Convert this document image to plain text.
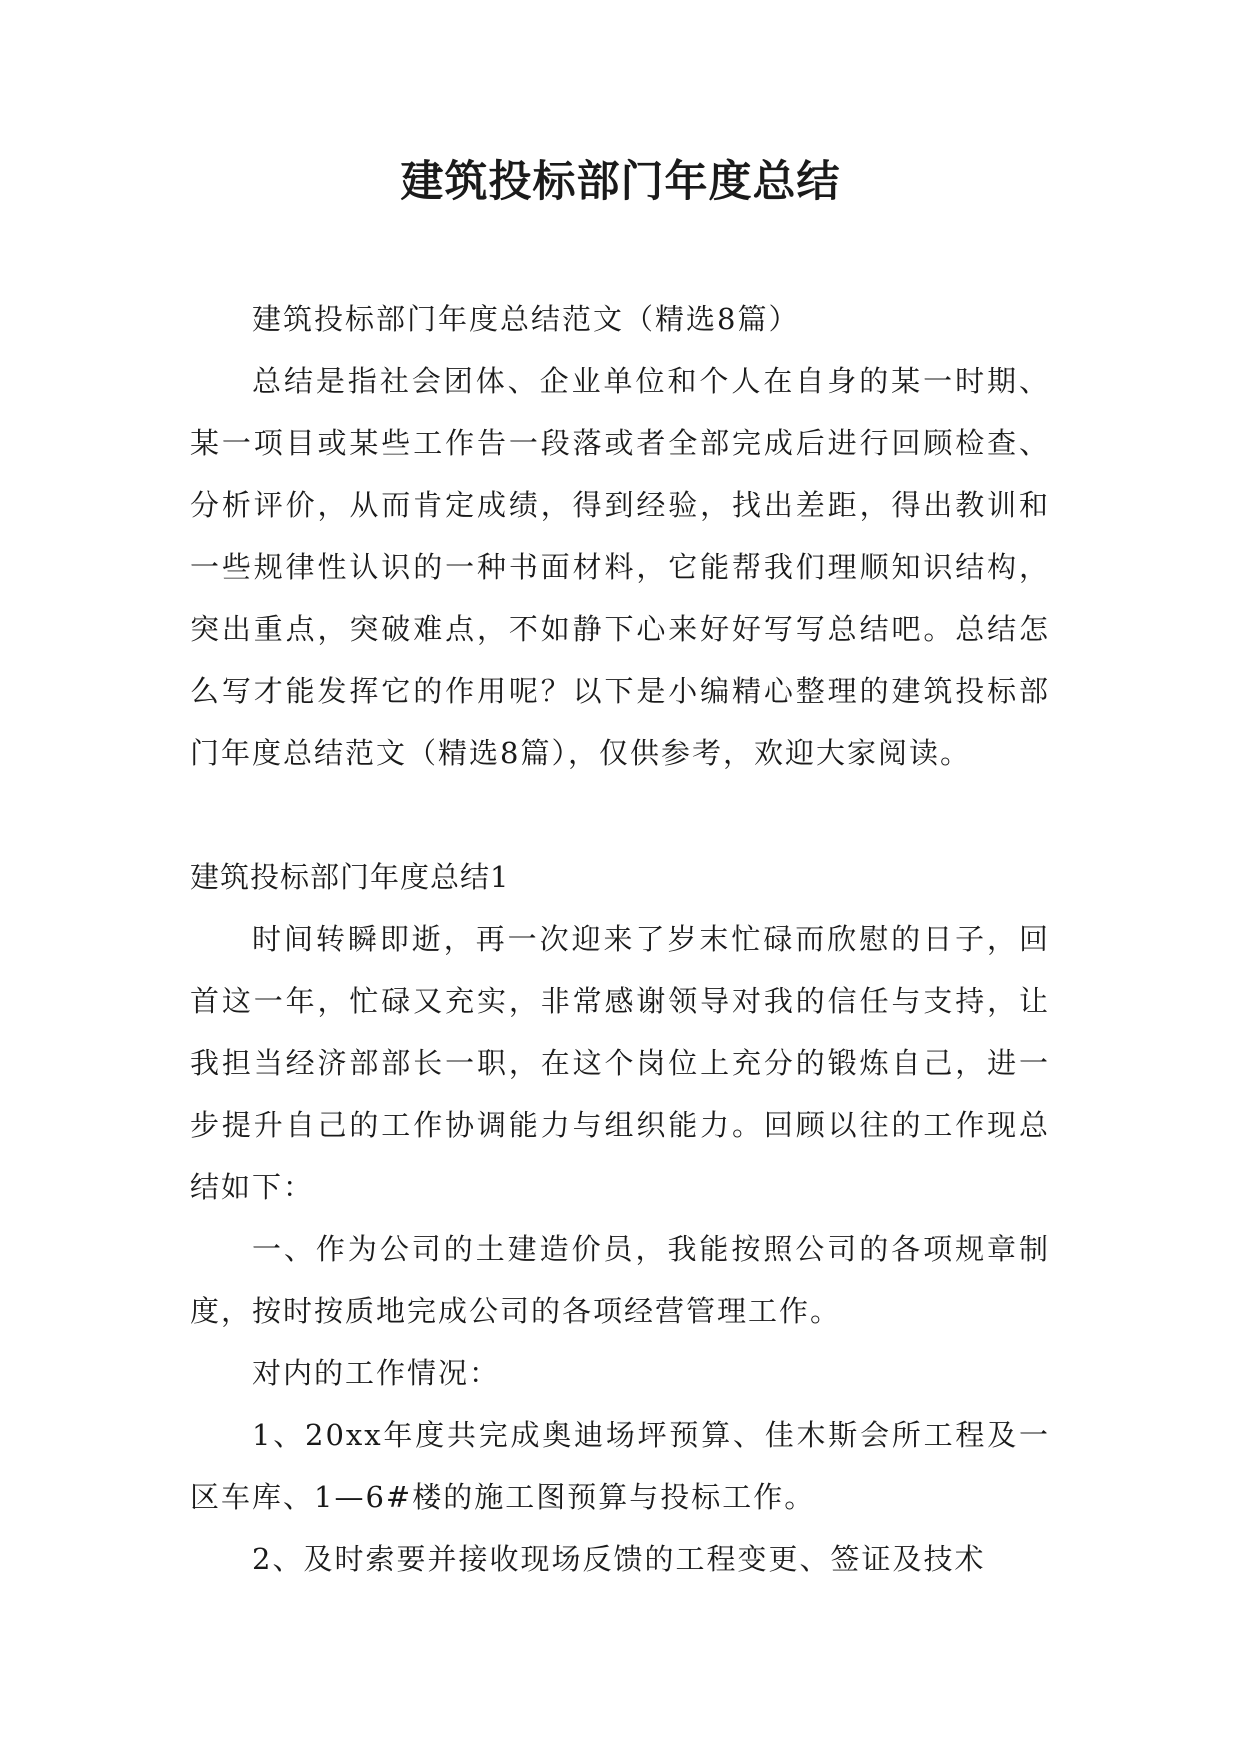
建筑投标部门年度总结

建筑投标部门年度总结范文（精选8篇）

总结是指社会团体、企业单位和个人在自身的某一时期、某一项目或某些工作告一段落或者全部完成后进行回顾检查、分析评价，从而肯定成绩，得到经验，找出差距，得出教训和一些规律性认识的一种书面材料，它能帮我们理顺知识结构，突出重点，突破难点，不如静下心来好好写写总结吧。总结怎么写才能发挥它的作用呢？以下是小编精心整理的建筑投标部门年度总结范文（精选8篇），仅供参考，欢迎大家阅读。

建筑投标部门年度总结1

时间转瞬即逝，再一次迎来了岁末忙碌而欣慰的日子，回首这一年，忙碌又充实，非常感谢领导对我的信任与支持，让我担当经济部部长一职，在这个岗位上充分的锻炼自己，进一步提升自己的工作协调能力与组织能力。回顾以往的工作现总结如下：

一、作为公司的土建造价员，我能按照公司的各项规章制度，按时按质地完成公司的各项经营管理工作。

对内的工作情况：

1、20xx年度共完成奥迪场坪预算、佳木斯会所工程及一区车库、1—6#楼的施工图预算与投标工作。

2、及时索要并接收现场反馈的工程变更、签证及技术
